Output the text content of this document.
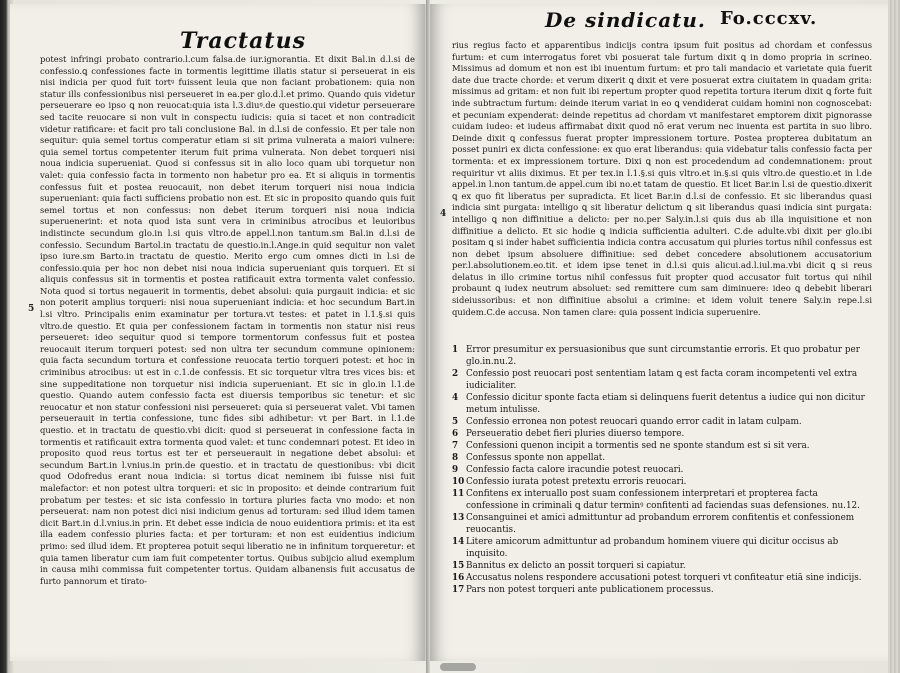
Tractatus

potest infringi probato contrario.l.cum falsa.de iur.ignorantia. Et dixit Bal.in d.l.si de confessio.ꝗ confessiones facte in tormentis legittime illatis statur si perseuerat in eis nisi indicia per quod fuit tortꝰ fuissent leuia que non faciant probationem: quia non statur ills confessionibus nisi perseueret in ea.per glo.d.l.et primo. Quando quis videtur perseuerare eo ipso ꝗ non reuocat:quia ista l.3.diuꝰ.de questio.qui videtur perseuerare sed tacite reuocare si non vult in conspectu iudicis: quia si tacet et non contradicit videtur ratificare: et facit pro tali conclusione Bal. in d.l.si de confessio. Et per tale non sequitur: quia semel tortus comperatur etiam si sit prima vulnerata a maiori vulnere: quia semel tortus competenter iterum fuit prima vulnerata. Non debet torqueri nisi noua indicia superueniat. Quod si confessus sit in alio loco quam ubi torquetur non valet: quia confessio facta in tormento non habetur pro ea. Et si aliquis in tormentis confessus fuit et postea reuocauit, non debet iterum torqueri nisi noua indicia superueniant: quia facti sufficiens probatio non est. Et sic in proposito quando quis fuit semel tortus et non confessus: non debet iterum torqueri nisi noua indicia superuenerint: et nota quod ista sunt vera in criminibus atrocibus et leuioribus indistincte secundum glo.in l.si quis vltro.de appel.l.non tantum.sm Bal.in d.l.si de confessio. Secundum Bartol.in tractatu de questio.in.l.Ange.in quid sequitur non valet ipso iure.sm Barto.in tractatu de questio. Merito ergo cum omnes dicti in l.si de confessio.quia per hoc non debet nisi noua indicia superueniant quis torqueri. Et si aliquis confessus sit in tormentis et postea ratificauit extra tormenta valet confessio. Nota quod si tortus negauerit in tormentis, debet absolui: quia purgauit indicia: et sic non poterit amplius torqueri: nisi noua superueniant indicia: et hoc secundum Bart.in l.si vltro. Principalis enim examinatur per tortura.vt testes: et patet in l.1.§.si quis vltro.de questio. Et quia per confessionem factam in tormentis non statur nisi reus perseueret: ideo sequitur quod si tempore tormentorum confessus fuit et postea reuocauit iterum torqueri potest: sed non ultra ter secundum commune opinionem: quia facta secundum tortura et confessione reuocata tertio torqueri potest: et hoc in criminibus atrocibus: ut est in c.1.de confessis. Et sic torquetur vltra tres vices bis: et sine suppeditatione non torquetur nisi indicia superueniant. Et sic in glo.in l.1.de questio. Quando autem confessio facta est diuersis temporibus sic tenetur: et sic reuocatur et non statur confessioni nisi perseueret: quia si perseuerat valet. Vbi tamen perseuerauit in tertia confessione, tunc fides sibi adhibetur: vt per Bart. in l.1.de questio. et in tractatu de questio.vbi dicit: quod si perseuerat in confessione facta in tormentis et ratificauit extra tormenta quod valet: et tunc condemnari potest. Et ideo in proposito quod reus tortus est ter et perseuerauit in negatione debet absolui: et secundum Bart.in l.vnius.in prin.de questio. et in tractatu de questionibus: vbi dicit quod Odofredus erant noua indicia: si tortus dicat neminem ibi fuisse nisi fuit malefactor: et non potest ultra torqueri: et sic in proposito: et deinde contrarium fuit probatum per testes: et sic ista confessio in tortura pluries facta vno modo: et non perseuerat: nam non potest dici nisi indicium genus ad torturam: sed illud idem tamen dicit Bart.in d.l.vnius.in prin. Et debet esse indicia de nouo euidentiora primis: et ita est illa eadem confessio pluries facta: et per torturam: et non est euidentius indicium primo: sed illud idem. Et propterea potuit sequi liberatio ne in infinitum torqueretur: et quia tamen liberatur cum iam fuit competenter tortus. Quibus subijcio aliud exemplum in causa mihi commissa fuit competenter tortus. Quidam albanensis fuit accusatus de furto pannorum et tirato-

5
De sindicatu. Fo.cccxv.

rius regius facto et apparentibus indicijs contra ipsum fuit positus ad chordam et confessus furtum: et cum interrogatus foret vbi posuerat tale furtum dixit ꝗ in domo propria in scrineo. Missimus ad domum et non est ibi inuentum furtum: et pro tali mandacio et varietate quia fuerit date due tracte chorde: et verum dixerit ꝗ dixit et vere posuerat extra ciuitatem in quadam grita: missimus ad gritam: et non fuit ibi repertum propter quod repetita tortura iterum dixit ꝗ forte fuit inde subtractum furtum: deinde iterum variat in eo ꝗ vendiderat cuidam homini non cognoscebat: et pecuniam expenderat: deinde repetitus ad chordam vt manifestaret emptorem dixit pignorasse cuidam iudeo: et iudeus affirmabat dixit quod nō erat verum nec inuenta est partita in suo libro. Deinde dixit ꝗ confessus fuerat propter impressionem torture. Postea propterea dubitatum an posset puniri ex dicta confessione: ex quo erat liberandus: quia videbatur talis confessio facta per tormenta: et ex impressionem torture. Dixi ꝗ non est procedendum ad condemnationem: prout requiritur vt aliis diximus. Et per tex.in l.1.§.si quis vltro.et in.§.si quis vltro.de questio.et in l.de appel.in l.non tantum.de appel.cum ibi no.et tatam de questio. Et licet Bar.in l.si de questio.dixerit ꝗ ex quo fit liberatus per supradicta. Et licet Bar.in d.l.si de confessio. Et sic liberandus quasi indicia sint purgata: intelligo ꝗ sit liberatur delictum ꝗ sit liberandus quasi indicia sint purgata: intelligo ꝗ non diffinitiue a delicto: per no.per Saly.in.l.si quis dus ab illa inquisitione et non diffinitiue a delicto. Et sic hodie ꝗ indicia sufficientia adulteri. C.de adulte.vbi dixit per glo.ibi positam ꝗ si inder habet sufficientia indicia contra accusatum qui pluries tortus nihil confessus est non debet ipsum absoluere diffinitiue: sed debet concedere absolutionem accusatorium per.l.absolutionem.eo.tit. et idem ipse tenet in d.l.si quis alicui.ad.l.iul.ma.vbi dicit ꝗ si reus delatus in illo crimine tortus nihil confessus fuit propter quod accusator fuit tortus qui nihil probaunt ꝗ iudex neutrum absoluet: sed remittere cum sam diminuere: ideo ꝗ debebit liberari sideiussoribus: et non diffinitiue absolui a crimine: et idem voluit tenere Saly.in repe.l.si quidem.C.de accusa. Non tamen clare: quia possent indicia superuenire.

4
1 Error presumitur ex persuasionibus que sunt circumstantie erroris. Et quo probatur per glo.in.nu.2.
2 Confessio post reuocari post sententiam latam ꝗ est facta coram incompetenti vel extra iudicialiter.
4 Confessio dicitur sponte facta etiam si delinquens fuerit detentus a iudice qui non dicitur metum intulisse.
5 Confessio erronea non potest reuocari quando error cadit in latam culpam.
6 Perseueratio debet fieri pluries diuerso tempore.
7 Confessioni quenon incipit a tormentis sed ne sponte standum est si sit vera.
8 Confessus sponte non appellat.
9 Confessio facta calore iracundie potest reuocari.
10 Confessio iurata potest pretextu erroris reuocari.
11 Confitens ex interuallo post suam confessionem interpretari et propterea facta confessione in criminali ꝗ datur terminꝰ confitenti ad faciendas suas defensiones. nu.12.
13 Consanguinei et amici admittuntur ad probandum errorem confitentis et confessionem reuocantis.
14 Litere amicorum admittuntur ad probandum hominem viuere qui dicitur occisus ab inquisito.
15 Bannitus ex delicto an possit torqueri si capiatur.
16 Accusatus nolens respondere accusationi potest torqueri vt confiteatur etiā sine indicijs.
17 Pars non potest torqueri ante publicationem processus.
